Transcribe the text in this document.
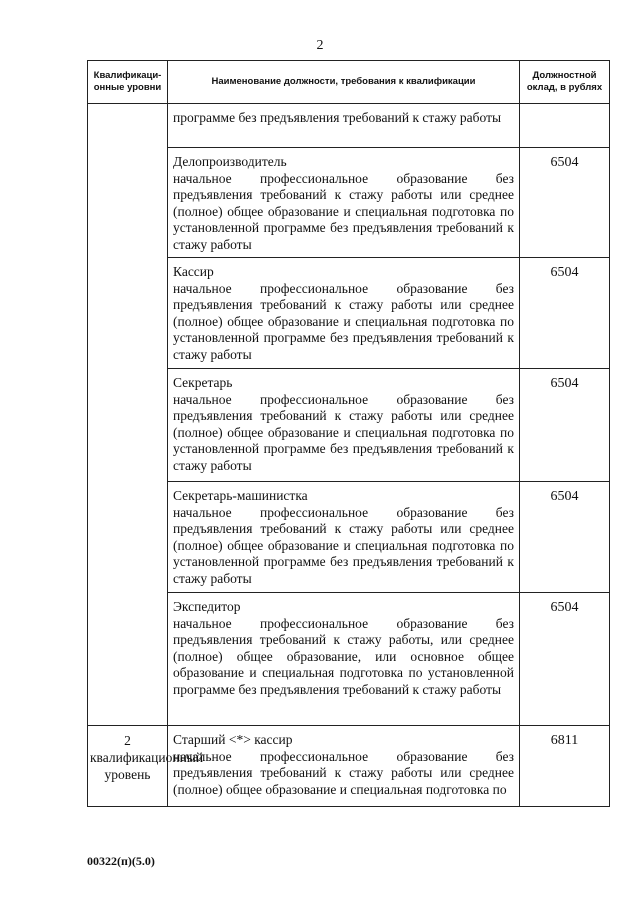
2
Квалификаци-онные уровни	Наименование должности, требования к квалификации	Должностной оклад, в рублях

	программе без предъявления требований к стажу работы	

	Делопроизводитель
начальное профессиональное образование без предъявления требований к стажу работы или среднее (полное) общее образование и специальная подготовка по установленной программе без предъявления требований к стажу работы	6504

	Кассир
начальное профессиональное образование без предъявления требований к стажу работы или среднее (полное) общее образование и специальная подготовка по установленной программе без предъявления требований к стажу работы	6504

	Секретарь
начальное профессиональное образование без предъявления требований к стажу работы или среднее (полное) общее образование и специальная подготовка по установленной программе без предъявления требований к стажу работы	6504

	Секретарь-машинистка
начальное профессиональное образование без предъявления требований к стажу работы или среднее (полное) общее образование и специальная подготовка по установленной программе без предъявления требований к стажу работы	6504

	Экспедитор
начальное профессиональное образование без предъявления требований к стажу работы, или среднее (полное) общее образование, или основное общее образование и специальная подготовка по установленной программе без предъявления требований к стажу работы	6504

2 квалификационный уровень	Старший <*> кассир
начальное профессиональное образование без предъявления требований к стажу работы или среднее (полное) общее образование и специальная подготовка по	6811
00322(п)(5.0)
